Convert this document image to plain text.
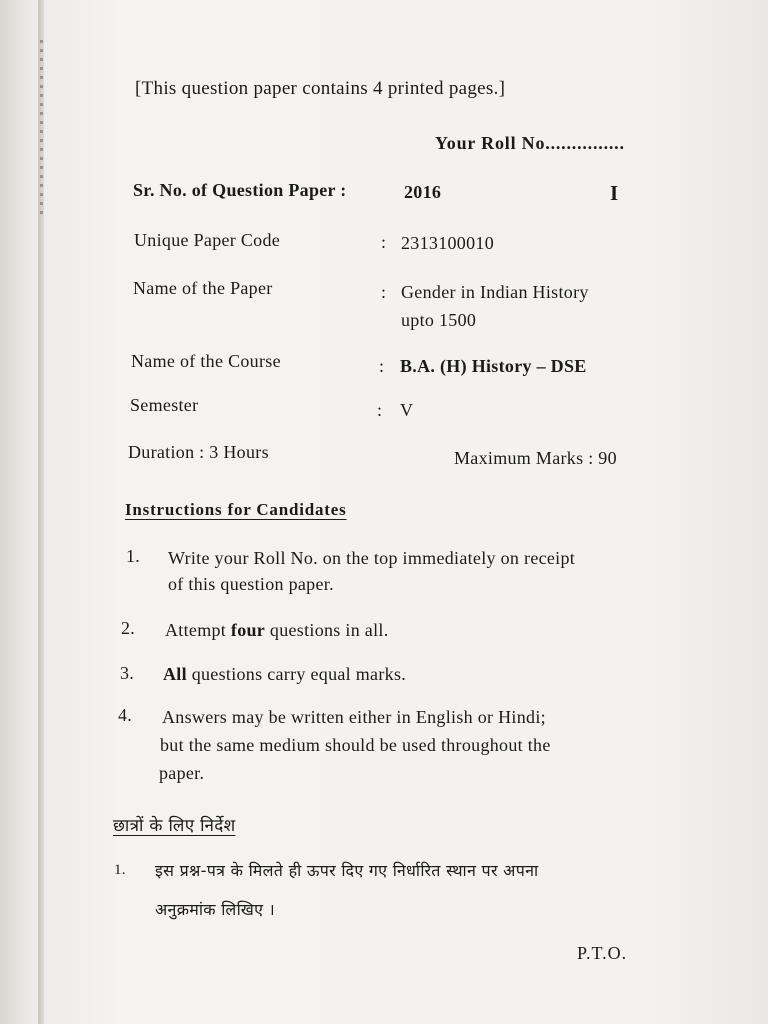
[This question paper contains 4 printed pages.]
Your Roll No...............
Sr. No. of Question Paper :	2016	I
Unique Paper Code	: 2313100010
Name of the Paper	: Gender in Indian History
upto 1500
Name of the Course	: B.A. (H) History – DSE
Semester	: V
Duration : 3 Hours	Maximum Marks : 90
Instructions for Candidates
1. Write your Roll No. on the top immediately on receipt
of this question paper.
2. Attempt four questions in all.
3. All questions carry equal marks.
4. Answers may be written either in English or Hindi;
but the same medium should be used throughout the
paper.
छात्रों के लिए निर्देश
1. इस प्रश्न-पत्र के मिलते ही ऊपर दिए गए निर्धारित स्थान पर अपना
अनुक्रमांक लिखिए ।
P.T.O.
